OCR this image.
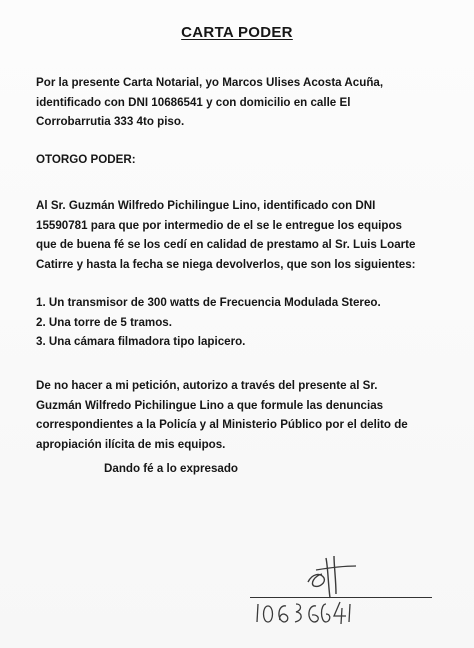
CARTA PODER
Por la presente Carta Notarial, yo Marcos Ulises Acosta Acuña,
identificado con DNI 10686541 y con domicilio en calle El
Corrobarrutia 333 4to piso.
OTORGO PODER:
Al Sr. Guzmán Wilfredo Pichilingue Lino, identificado con DNI
15590781 para que por intermedio de el se le entregue los equipos
que de buena fé se los cedí en calidad de prestamo al Sr. Luis Loarte
Catirre y hasta la fecha se niega devolverlos, que son los siguientes:
1. Un transmisor de 300 watts de Frecuencia Modulada Stereo.
2. Una torre de 5 tramos.
3. Una cámara filmadora tipo lapicero.
De no hacer a mi petición, autorizo a través del presente al Sr.
Guzmán Wilfredo Pichilingue Lino a que formule las denuncias
correspondientes a la Policía y al Ministerio Público por el delito de
apropiación ilícita de mis equipos.
Dando fé a lo expresado
